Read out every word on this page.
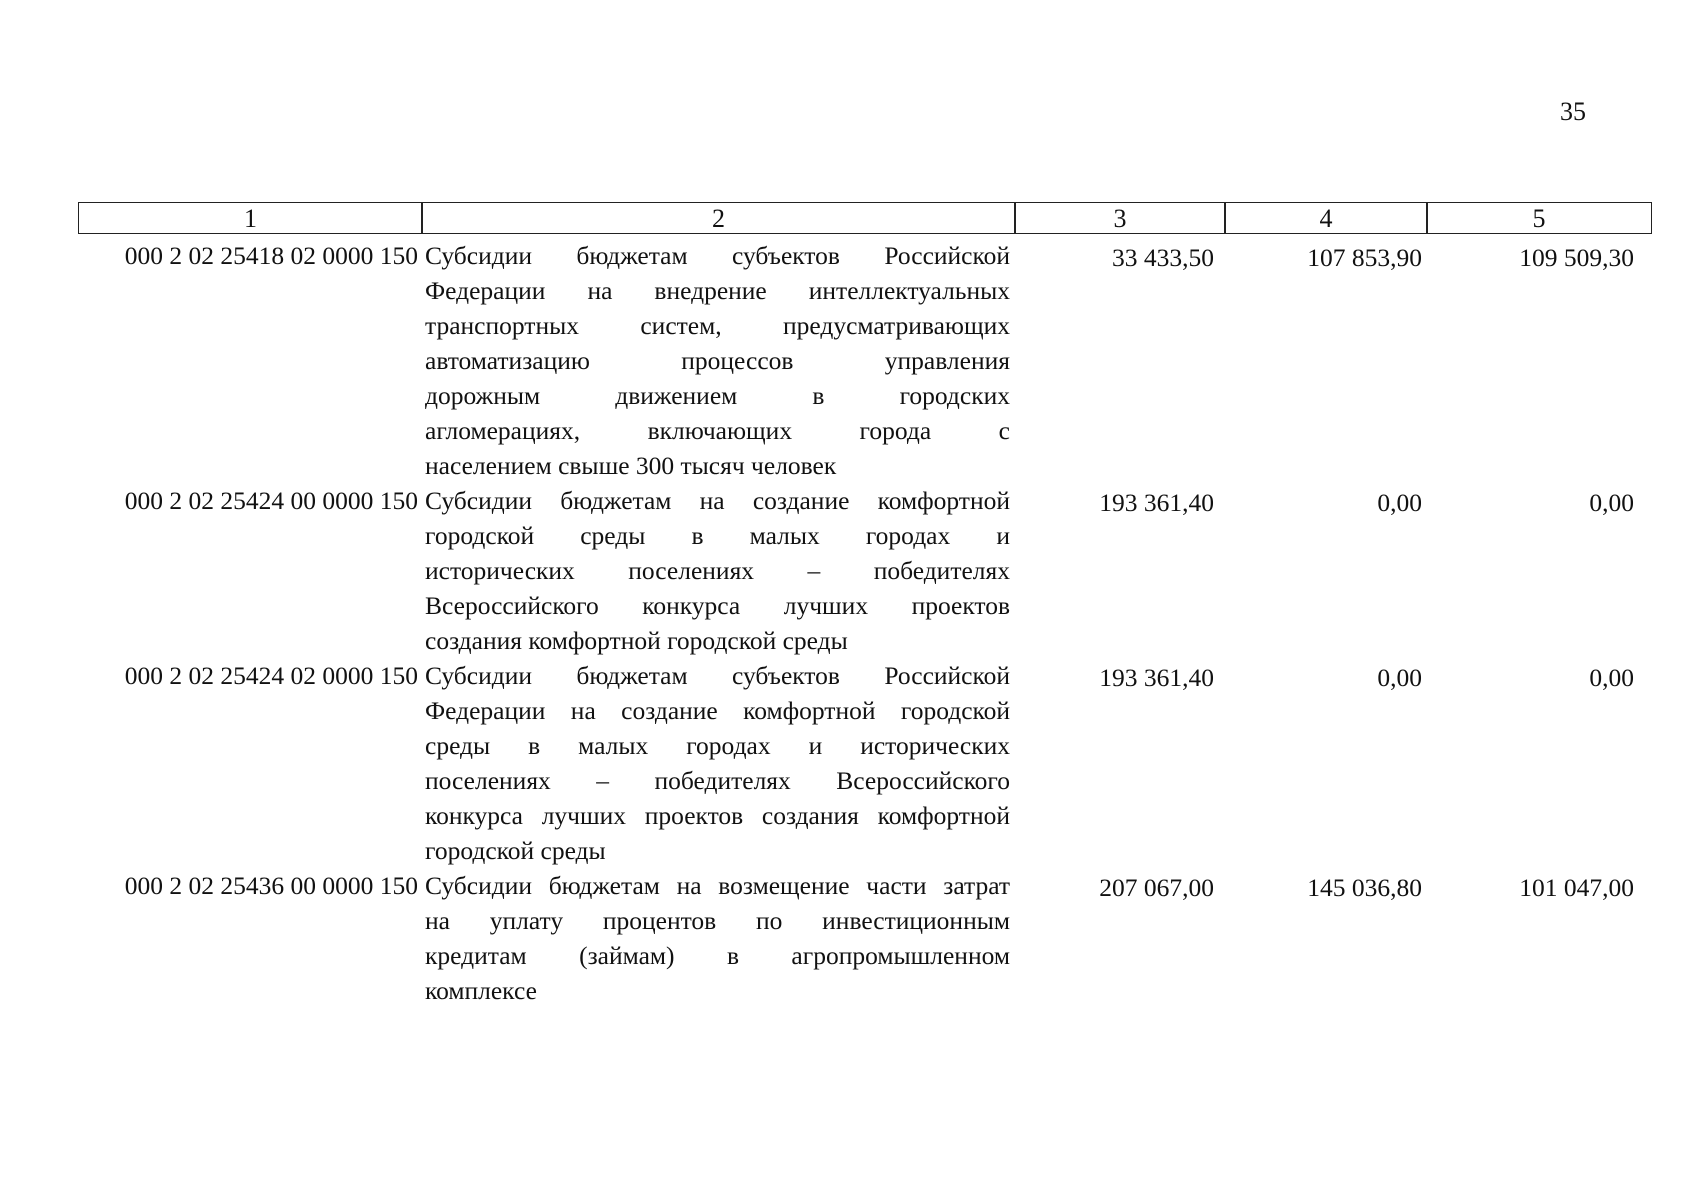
35
1	2	3	4	5
000 2 02 25418 02 0000 150 Субсидии бюджетам субъектов Российской
Федерации на внедрение интеллектуальных
транспортных систем, предусматривающих
автоматизацию процессов управления
дорожным движением в городских
агломерациях, включающих города с
населением свыше 300 тысяч человек
33 433,50	107 853,90	109 509,30
000 2 02 25424 00 0000 150 Субсидии бюджетам на создание комфортной
городской среды в малых городах и
исторических поселениях – победителях
Всероссийского конкурса лучших проектов
создания комфортной городской среды
193 361,40	0,00	0,00
000 2 02 25424 02 0000 150 Субсидии бюджетам субъектов Российской
Федерации на создание комфортной городской
среды в малых городах и исторических
поселениях – победителях Всероссийского
конкурса лучших проектов создания комфортной
городской среды
193 361,40	0,00	0,00
000 2 02 25436 00 0000 150 Субсидии бюджетам на возмещение части затрат
на уплату процентов по инвестиционным
кредитам (займам) в агропромышленном
комплексе
207 067,00	145 036,80	101 047,00
